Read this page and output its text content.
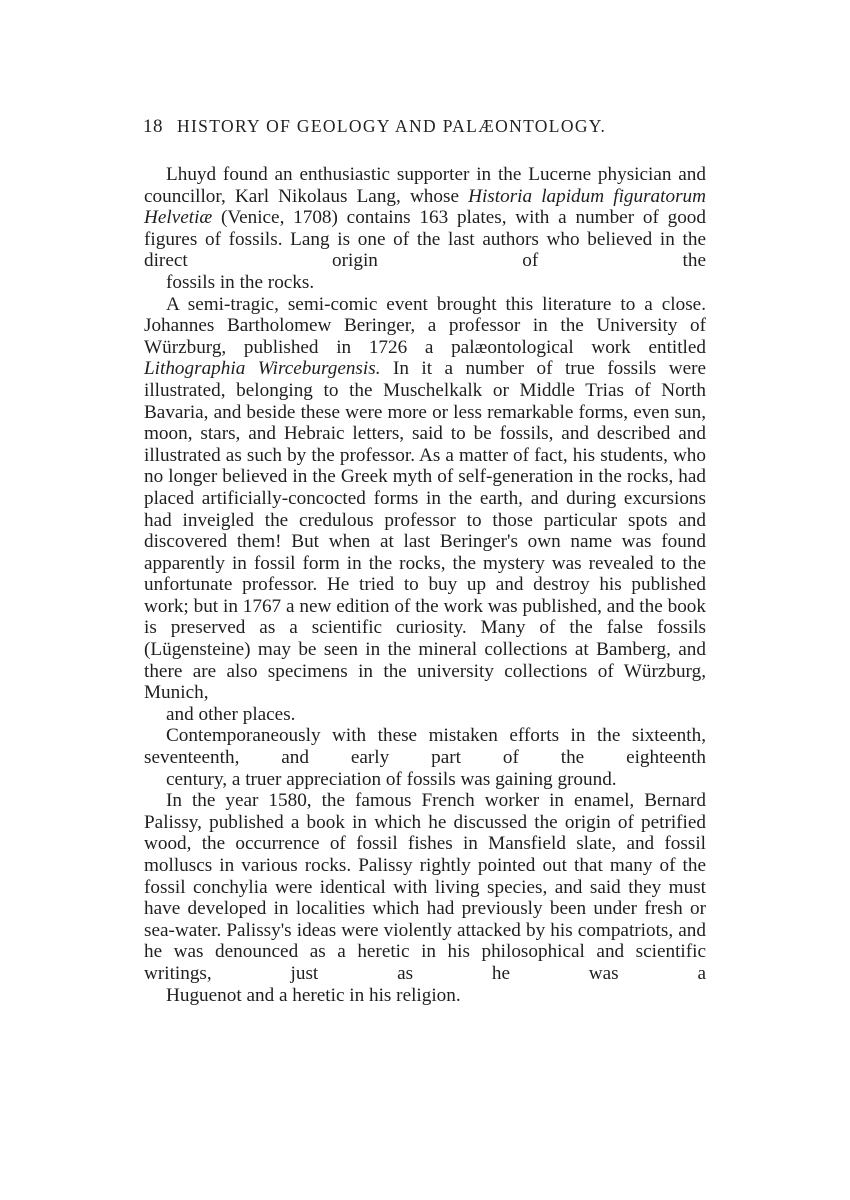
18 HISTORY OF GEOLOGY AND PALÆONTOLOGY.

Lhuyd found an enthusiastic supporter in the Lucerne physician and councillor, Karl Nikolaus Lang, whose Historia lapidum figuratorum Helvetiæ (Venice, 1708) contains 163 plates, with a number of good figures of fossils. Lang is one of the last authors who believed in the direct origin of the
fossils in the rocks.

A semi-tragic, semi-comic event brought this literature to a close. Johannes Bartholomew Beringer, a professor in the University of Würzburg, published in 1726 a palæontological work entitled Lithographia Wirceburgensis. In it a number of true fossils were illustrated, belonging to the Muschelkalk or Middle Trias of North Bavaria, and beside these were more or less remarkable forms, even sun, moon, stars, and Hebraic letters, said to be fossils, and described and illustrated as such by the professor. As a matter of fact, his students, who no longer believed in the Greek myth of self-generation in the rocks, had placed artificially-concocted forms in the earth, and during excursions had inveigled the credulous professor to those particular spots and discovered them! But when at last Beringer's own name was found apparently in fossil form in the rocks, the mystery was revealed to the unfortunate professor. He tried to buy up and destroy his published work; but in 1767 a new edition of the work was published, and the book is preserved as a scientific curiosity. Many of the false fossils (Lügensteine) may be seen in the mineral collections at Bamberg, and there are also specimens in the university collections of Würzburg, Munich,
and other places.

Contemporaneously with these mistaken efforts in the sixteenth, seventeenth, and early part of the eighteenth
century, a truer appreciation of fossils was gaining ground.

In the year 1580, the famous French worker in enamel, Bernard Palissy, published a book in which he discussed the origin of petrified wood, the occurrence of fossil fishes in Mansfield slate, and fossil molluscs in various rocks. Palissy rightly pointed out that many of the fossil conchylia were identical with living species, and said they must have developed in localities which had previously been under fresh or sea-water. Palissy's ideas were violently attacked by his compatriots, and he was denounced as a heretic in his philosophical and scientific writings, just as he was a
Huguenot and a heretic in his religion.
